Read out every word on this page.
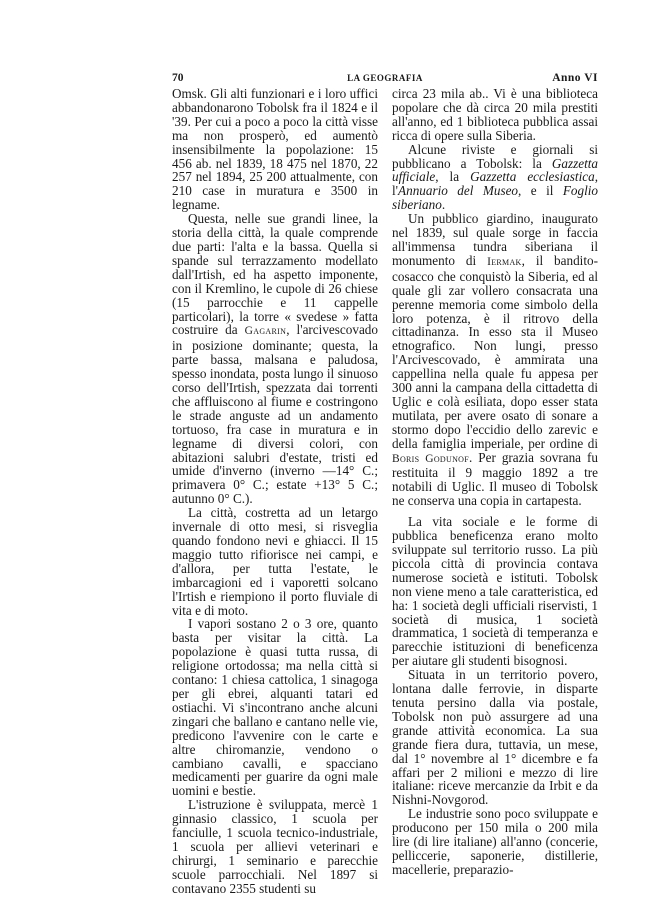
70	LA GEOGRAFIA	Anno VI

Omsk. Gli alti funzionari e i loro uffici abbandonarono Tobolsk fra il 1824 e il '39. Per cui a poco a poco la città visse ma non prosperò, ed aumentò insensibilmente la popolazione: 15 456 ab. nel 1839, 18 475 nel 1870, 22 257 nel 1894, 25 200 attualmente, con 210 case in muratura e 3500 in legname.

Questa, nelle sue grandi linee, la storia della città, la quale comprende due parti: l'alta e la bassa. Quella si spande sul terrazzamento modellato dall'Irtish, ed ha aspetto imponente, con il Kremlino, le cupole di 26 chiese (15 parrocchie e 11 cappelle particolari), la torre « svedese » fatta costruire da Gagarin, l'arcivescovado in posizione dominante; questa, la parte bassa, malsana e paludosa, spesso inondata, posta lungo il sinuoso corso dell'Irtish, spezzata dai torrenti che affluiscono al fiume e costringono le strade anguste ad un andamento tortuoso, fra case in muratura e in legname di diversi colori, con abitazioni salubri d'estate, tristi ed umide d'inverno (inverno —14° C.; primavera 0° C.; estate +13° 5 C.; autunno 0° C.).

La città, costretta ad un letargo invernale di otto mesi, si risveglia quando fondono nevi e ghiacci. Il 15 maggio tutto rifiorisce nei campi, e d'allora, per tutta l'estate, le imbarcagioni ed i vaporetti solcano l'Irtish e riempiono il porto fluviale di vita e di moto.

I vapori sostano 2 o 3 ore, quanto basta per visitar la città. La popolazione è quasi tutta russa, di religione ortodossa; ma nella città si contano: 1 chiesa cattolica, 1 sinagoga per gli ebrei, alquanti tatari ed ostiachi. Vi s'incontrano anche alcuni zingari che ballano e cantano nelle vie, predicono l'avvenire con le carte e altre chiromanzie, vendono o cambiano cavalli, e spacciano medicamenti per guarire da ogni male uomini e bestie.

L'istruzione è sviluppata, mercè 1 ginnasio classico, 1 scuola per fanciulle, 1 scuola tecnico-industriale, 1 scuola per allievi veterinari e chirurgi, 1 seminario e parecchie scuole parrocchiali. Nel 1897 si contavano 2355 studenti su

circa 23 mila ab.. Vi è una biblioteca popolare che dà circa 20 mila prestiti all'anno, ed 1 biblioteca pubblica assai ricca di opere sulla Siberia.

Alcune riviste e giornali si pubblicano a Tobolsk: la Gazzetta ufficiale, la Gazzetta ecclesiastica, l'Annuario del Museo, e il Foglio siberiano.

Un pubblico giardino, inaugurato nel 1839, sul quale sorge in faccia all'immensa tundra siberiana il monumento di Iermak, il bandito-cosacco che conquistò la Siberia, ed al quale gli zar vollero consacrata una perenne memoria come simbolo della loro potenza, è il ritrovo della cittadinanza. In esso sta il Museo etnografico. Non lungi, presso l'Arcivescovado, è ammirata una cappellina nella quale fu appesa per 300 anni la campana della cittadetta di Uglic e colà esiliata, dopo esser stata mutilata, per avere osato di sonare a stormo dopo l'eccidio dello zarevic e della famiglia imperiale, per ordine di Boris Godunof. Per grazia sovrana fu restituita il 9 maggio 1892 a tre notabili di Uglic. Il museo di Tobolsk ne conserva una copia in cartapesta.

La vita sociale e le forme di pubblica beneficenza erano molto sviluppate sul territorio russo. La più piccola città di provincia contava numerose società e istituti. Tobolsk non viene meno a tale caratteristica, ed ha: 1 società degli ufficiali riservisti, 1 società di musica, 1 società drammatica, 1 società di temperanza e parecchie istituzioni di beneficenza per aiutare gli studenti bisognosi.

Situata in un territorio povero, lontana dalle ferrovie, in disparte tenuta persino dalla via postale, Tobolsk non può assurgere ad una grande attività economica. La sua grande fiera dura, tuttavia, un mese, dal 1° novembre al 1° dicembre e fa affari per 2 milioni e mezzo di lire italiane: riceve mercanzie da Irbit e da Nishni-Novgorod.

Le industrie sono poco sviluppate e producono per 150 mila o 200 mila lire (di lire italiane) all'anno (concerie, pelliccerie, saponerie, distillerie, macellerie, preparazio-
